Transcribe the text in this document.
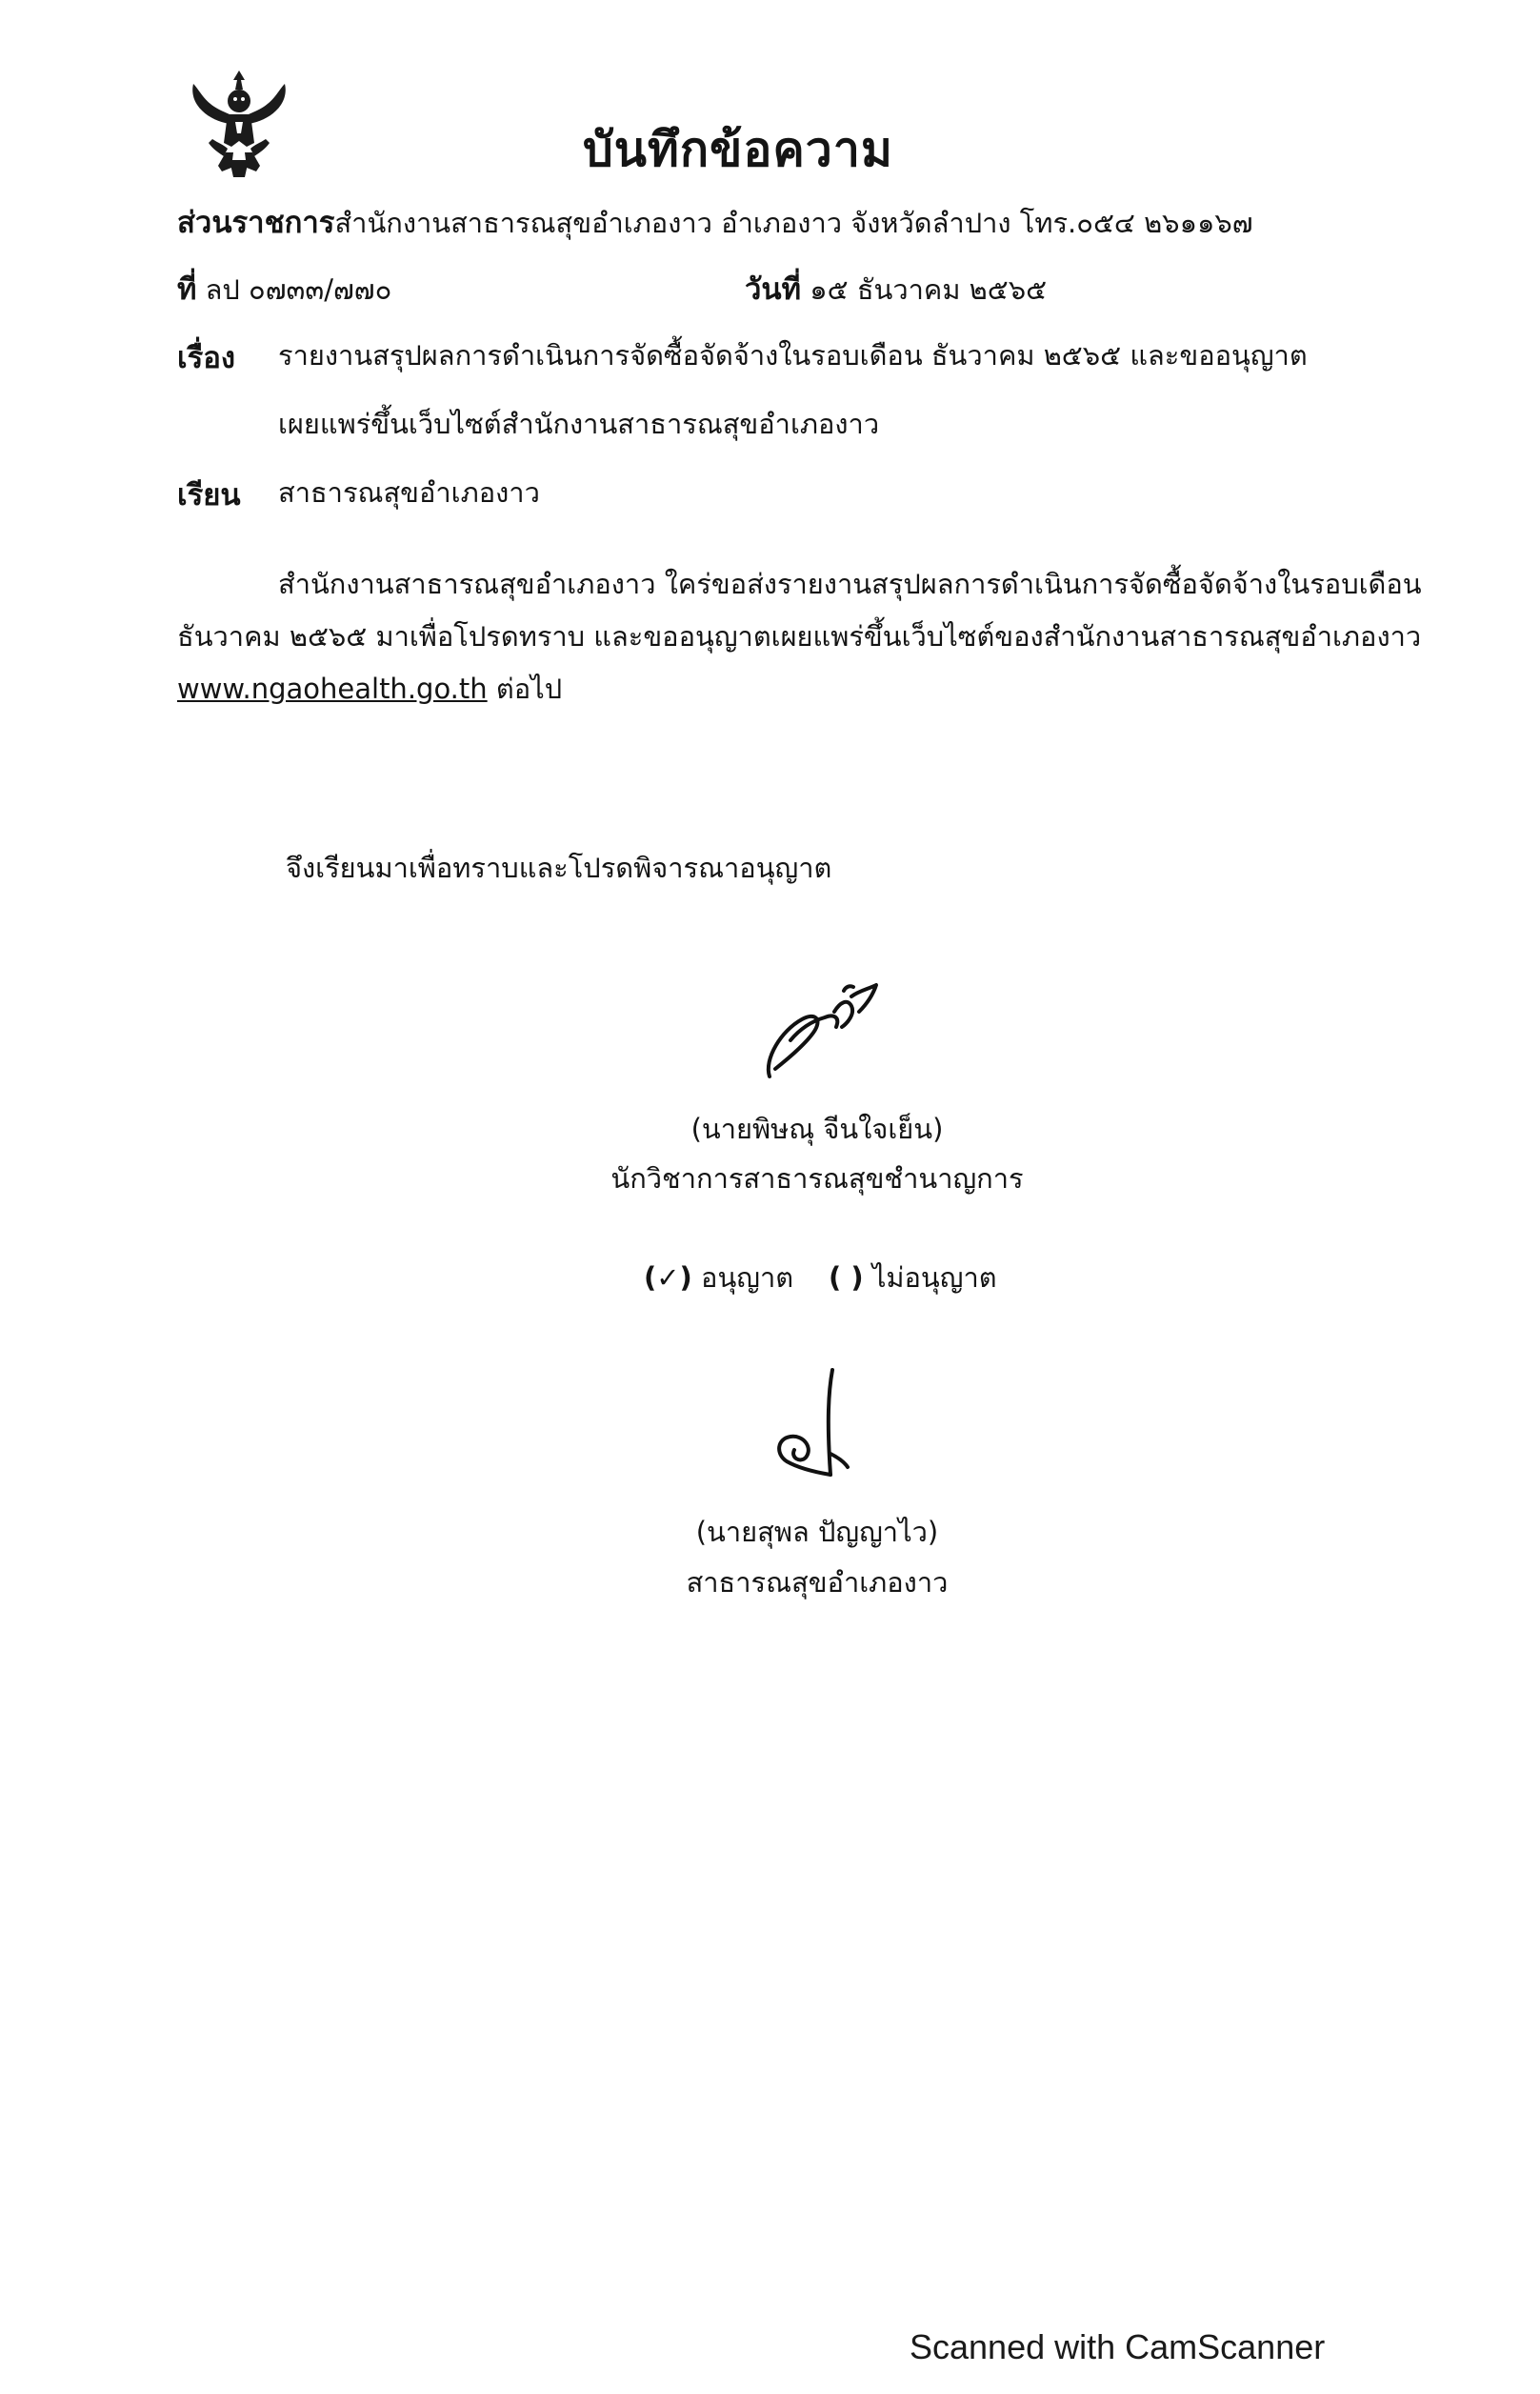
บันทึกข้อความ
ส่วนราชการสำนักงานสาธารณสุขอำเภองาว อำเภองาว จังหวัดลำปาง โทร.๐๕๔ ๒๖๑๑๖๗
ที่ ลป ๐๗๓๓/๗๗๐	วันที่ ๑๕ ธันวาคม ๒๕๖๕
เรื่อง รายงานสรุปผลการดำเนินการจัดซื้อจัดจ้างในรอบเดือน ธันวาคม ๒๕๖๕ และขออนุญาต
เผยแพร่ขึ้นเว็บไซต์สำนักงานสาธารณสุขอำเภองาว
เรียน สาธารณสุขอำเภองาว
สำนักงานสาธารณสุขอำเภองาว ใคร่ขอส่งรายงานสรุปผลการดำเนินการจัดซื้อจัดจ้างในรอบเดือน
ธันวาคม ๒๕๖๕ มาเพื่อโปรดทราบ และขออนุญาตเผยแพร่ขึ้นเว็บไซต์ของสำนักงานสาธารณสุขอำเภองาว
www.ngaohealth.go.th ต่อไป
จึงเรียนมาเพื่อทราบและโปรดพิจารณาอนุญาต
(นายพิษณุ จีนใจเย็น)
นักวิชาการสาธารณสุขชำนาญการ
(✓) อนุญาต ( ) ไม่อนุญาต
(นายสุพล ปัญญาไว)
สาธารณสุขอำเภองาว
Scanned with CamScanner
